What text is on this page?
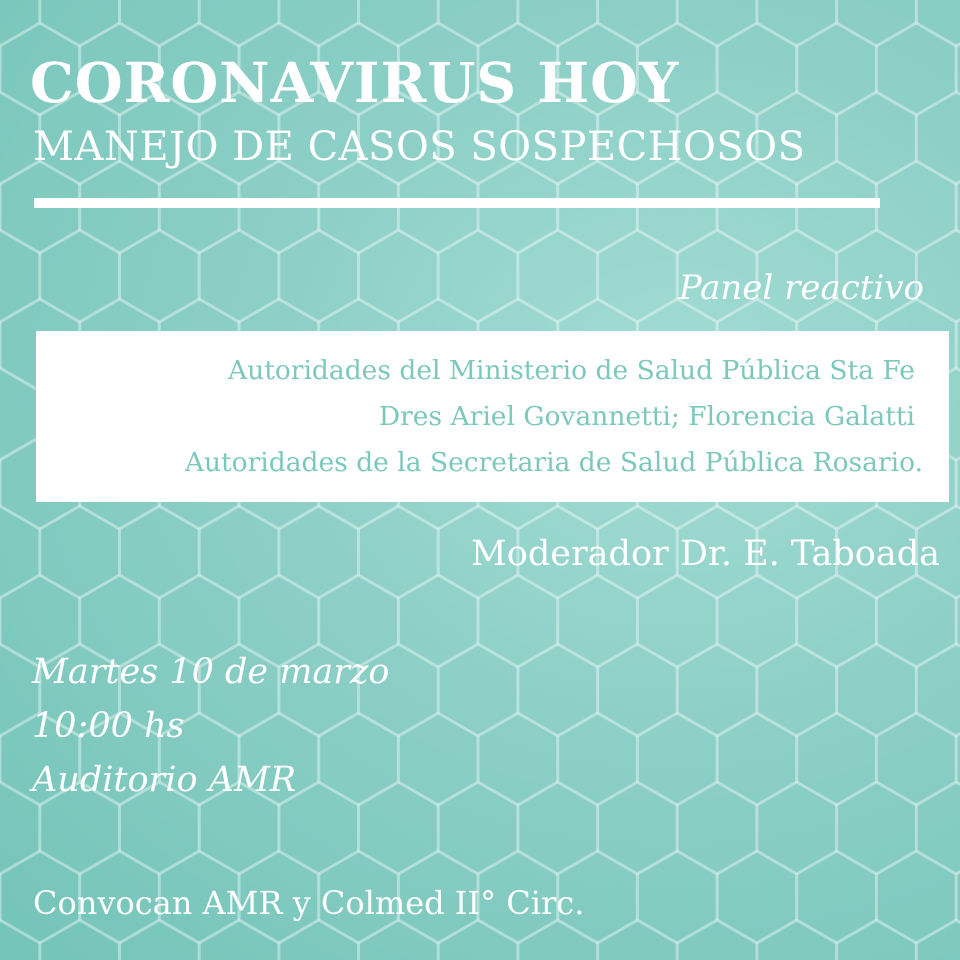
CORONAVIRUS HOY
MANEJO DE CASOS SOSPECHOSOS
Panel reactivo
Autoridades del Ministerio de Salud Pública Sta Fe
Dres Ariel Govannetti; Florencia Galatti
Autoridades de la Secretaria de Salud Pública Rosario.
Moderador Dr. E. Taboada
Martes 10 de marzo
10:00 hs
Auditorio AMR
Convocan AMR y Colmed II° Circ.
